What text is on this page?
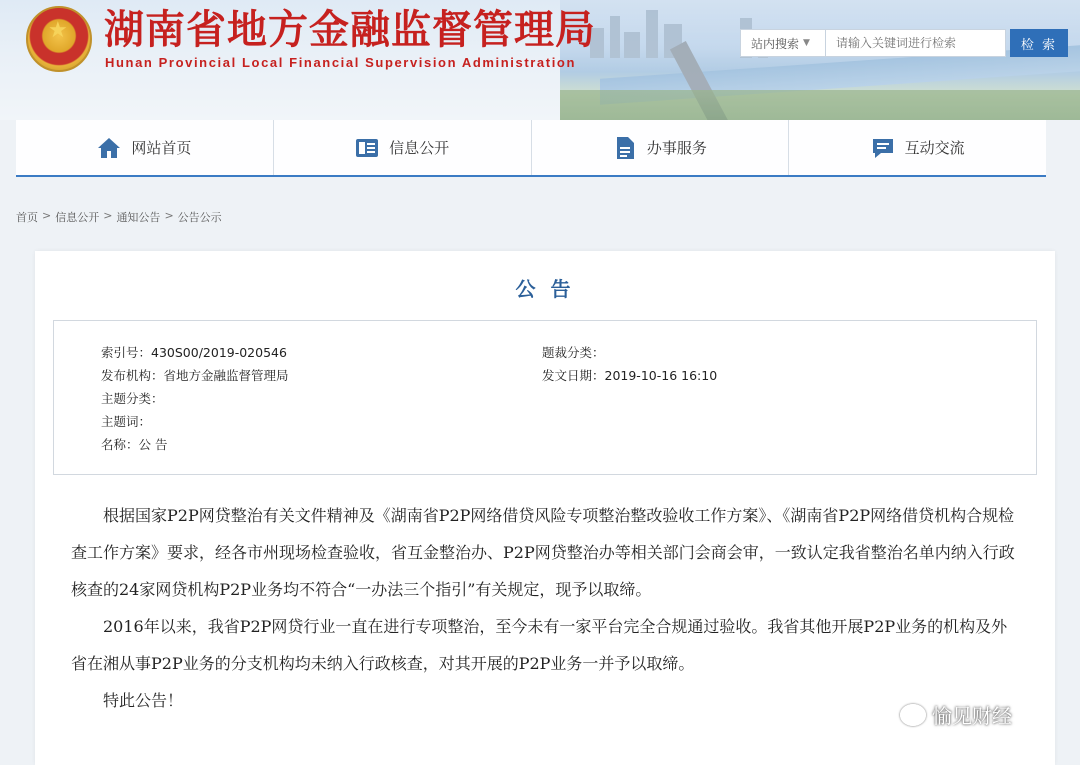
★ 湖南省地方金融监督管理局
Hunan Provincial Local Financial Supervision Administration
站内搜索 ▼
请输入关键词进行检索	检 索
网站首页	信息公开	办事服务	互动交流
首页 > 信息公开 > 通知公告 > 公告公示
公 告
索引号：430S00/2019-020546	题裁分类：
发布机构：省地方金融监督管理局	发文日期：2019-10-16 16:10
主题分类：
主题词：
名称：公 告

根据国家P2P网贷整治有关文件精神及《湖南省P2P网络借贷风险专项整治整改验收工作方案》、《湖南省P2P网络借贷机构合规检查工作方案》要求，经各市州现场检查验收，省互金整治办、P2P网贷整治办等相关部门会商会审，一致认定我省整治名单内纳入行政核查的24家网贷机构P2P业务均不符合“一办法三个指引”有关规定，现予以取缔。

2016年以来，我省P2P网贷行业一直在进行专项整治，至今未有一家平台完全合规通过验收。我省其他开展P2P业务的机构及外省在湘从事P2P业务的分支机构均未纳入行政核查，对其开展的P2P业务一并予以取缔。

特此公告！

愉见财经
